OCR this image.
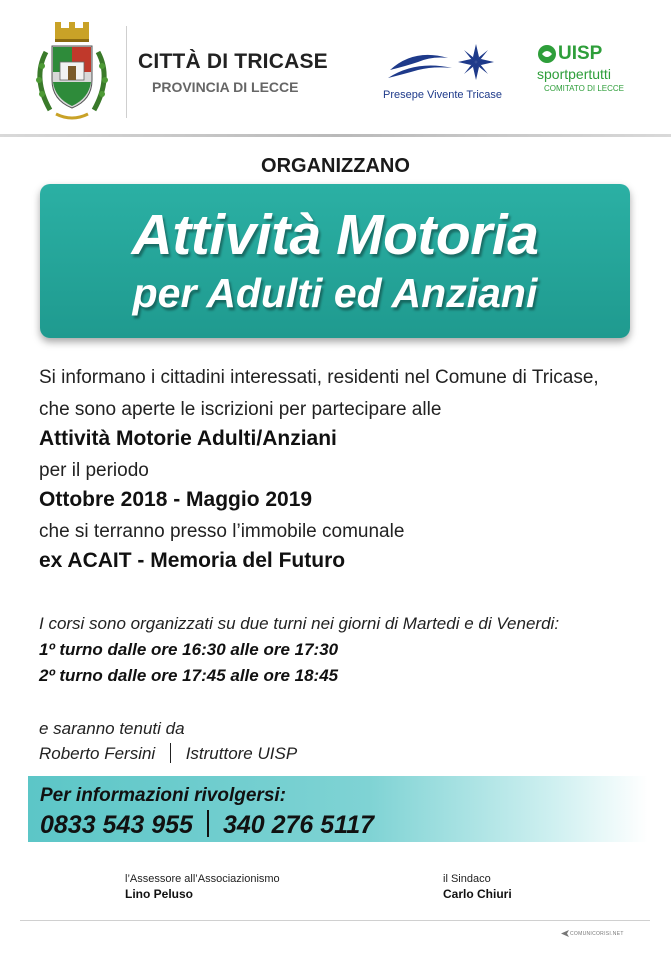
CITTÀ DI TRICASE
PROVINCIA DI LECCE	Presepe Vivente Tricase
UISP
sportpertutti
COMITATO DI LECCE
ORGANIZZANO
Attività Motoria
per Adulti ed Anziani
Si informano i cittadini interessati, residenti nel Comune di Tricase,
che sono aperte le iscrizioni per partecipare alle
Attività Motorie Adulti/Anziani
per il periodo
Ottobre 2018 - Maggio 2019
che si terranno presso l’immobile comunale
ex ACAIT - Memoria del Futuro
I corsi sono organizzati su due turni nei giorni di Martedi e di Venerdi:
1º turno dalle ore 16:30 alle ore 17:30
2º turno dalle ore 17:45 alle ore 18:45
e saranno tenuti da
Roberto Fersini Istruttore UISP
Per informazioni rivolgersi:
0833 543 955 340 276 5117
l’Assessore all’Associazionismo
Lino Peluso
il Sindaco
Carlo Chiuri
COMUNICORISI.NET
